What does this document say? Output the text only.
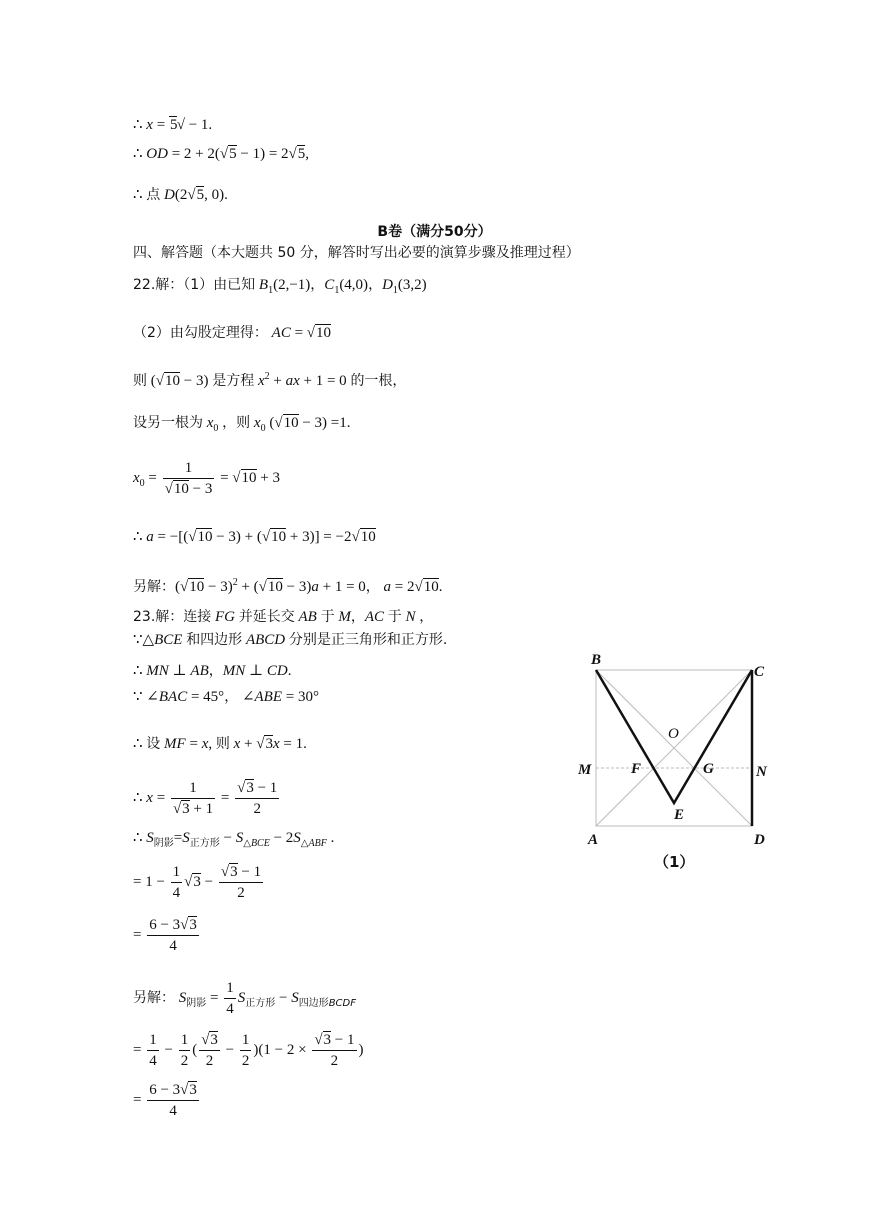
∴ x = 5 √ − 1.
∴ OD = 2 + 2(√5 − 1) = 2√5,
∴ 点 D(2√5, 0).
B卷（满分50分）
四、解答题（本大题共 50 分，解答时写出必要的演算步骤及推理过程）
22.解：（1）由已知 $B_1(2,-1)$，$C_1(4,0)$，$D_1(3,2)$
（2）由勾股定理得： AC = √10
则 (√10 − 3) 是方程 $x^2$ + ax + 1 = 0 的一根，
设另一根为 $x_0$ ，则 $x_0$ (√10 − 3) =1.
$x_0 = \frac{1}{√10 - 3} = √10 + 3$
∴ a = −[(√10 − 3) + (√10 + 3)] = −2√10
另解：$(√10 - 3)^2 + (√10 - 3)a + 1 = 0$， a = 2√10.
23.解：连接 FG 并延长交 AB 于 M，AC 于 N ，
∵△BCE 和四边形 ABCD 分别是正三角形和正方形.
∴ MN ⊥ AB，MN ⊥ CD.
∵ ∠BAC = 45°， ∠ABE = 30°
∴ 设 MF = x, 则 x + √3x = 1.
∴ $x = \frac{1}{√3 + 1} = \frac{√3 - 1}{2}$
∴ $S_{阴影}=S_{正方形} - S_{\triangle BCE} - 2S_{\triangle ABF}$ .
= $1 - \frac{1}{4} √3 - \frac{√3 - 1}{2}$
= $\frac{6 - 3√3}{4}$
另解： $S_{阴影} = \frac{1}{4} S_{正方形} - S_{四边形BCDF}$
= $\frac{1}{4} - \frac{1}{2}$ ( $\frac{√3}{2} - \frac{1}{2} )(1 - 2 \times \frac{√3 - 1}{2}$ )
= $\frac{6 - 3√3}{4}$
B
C
M	N
A	D
O
F	G
E
（1）
